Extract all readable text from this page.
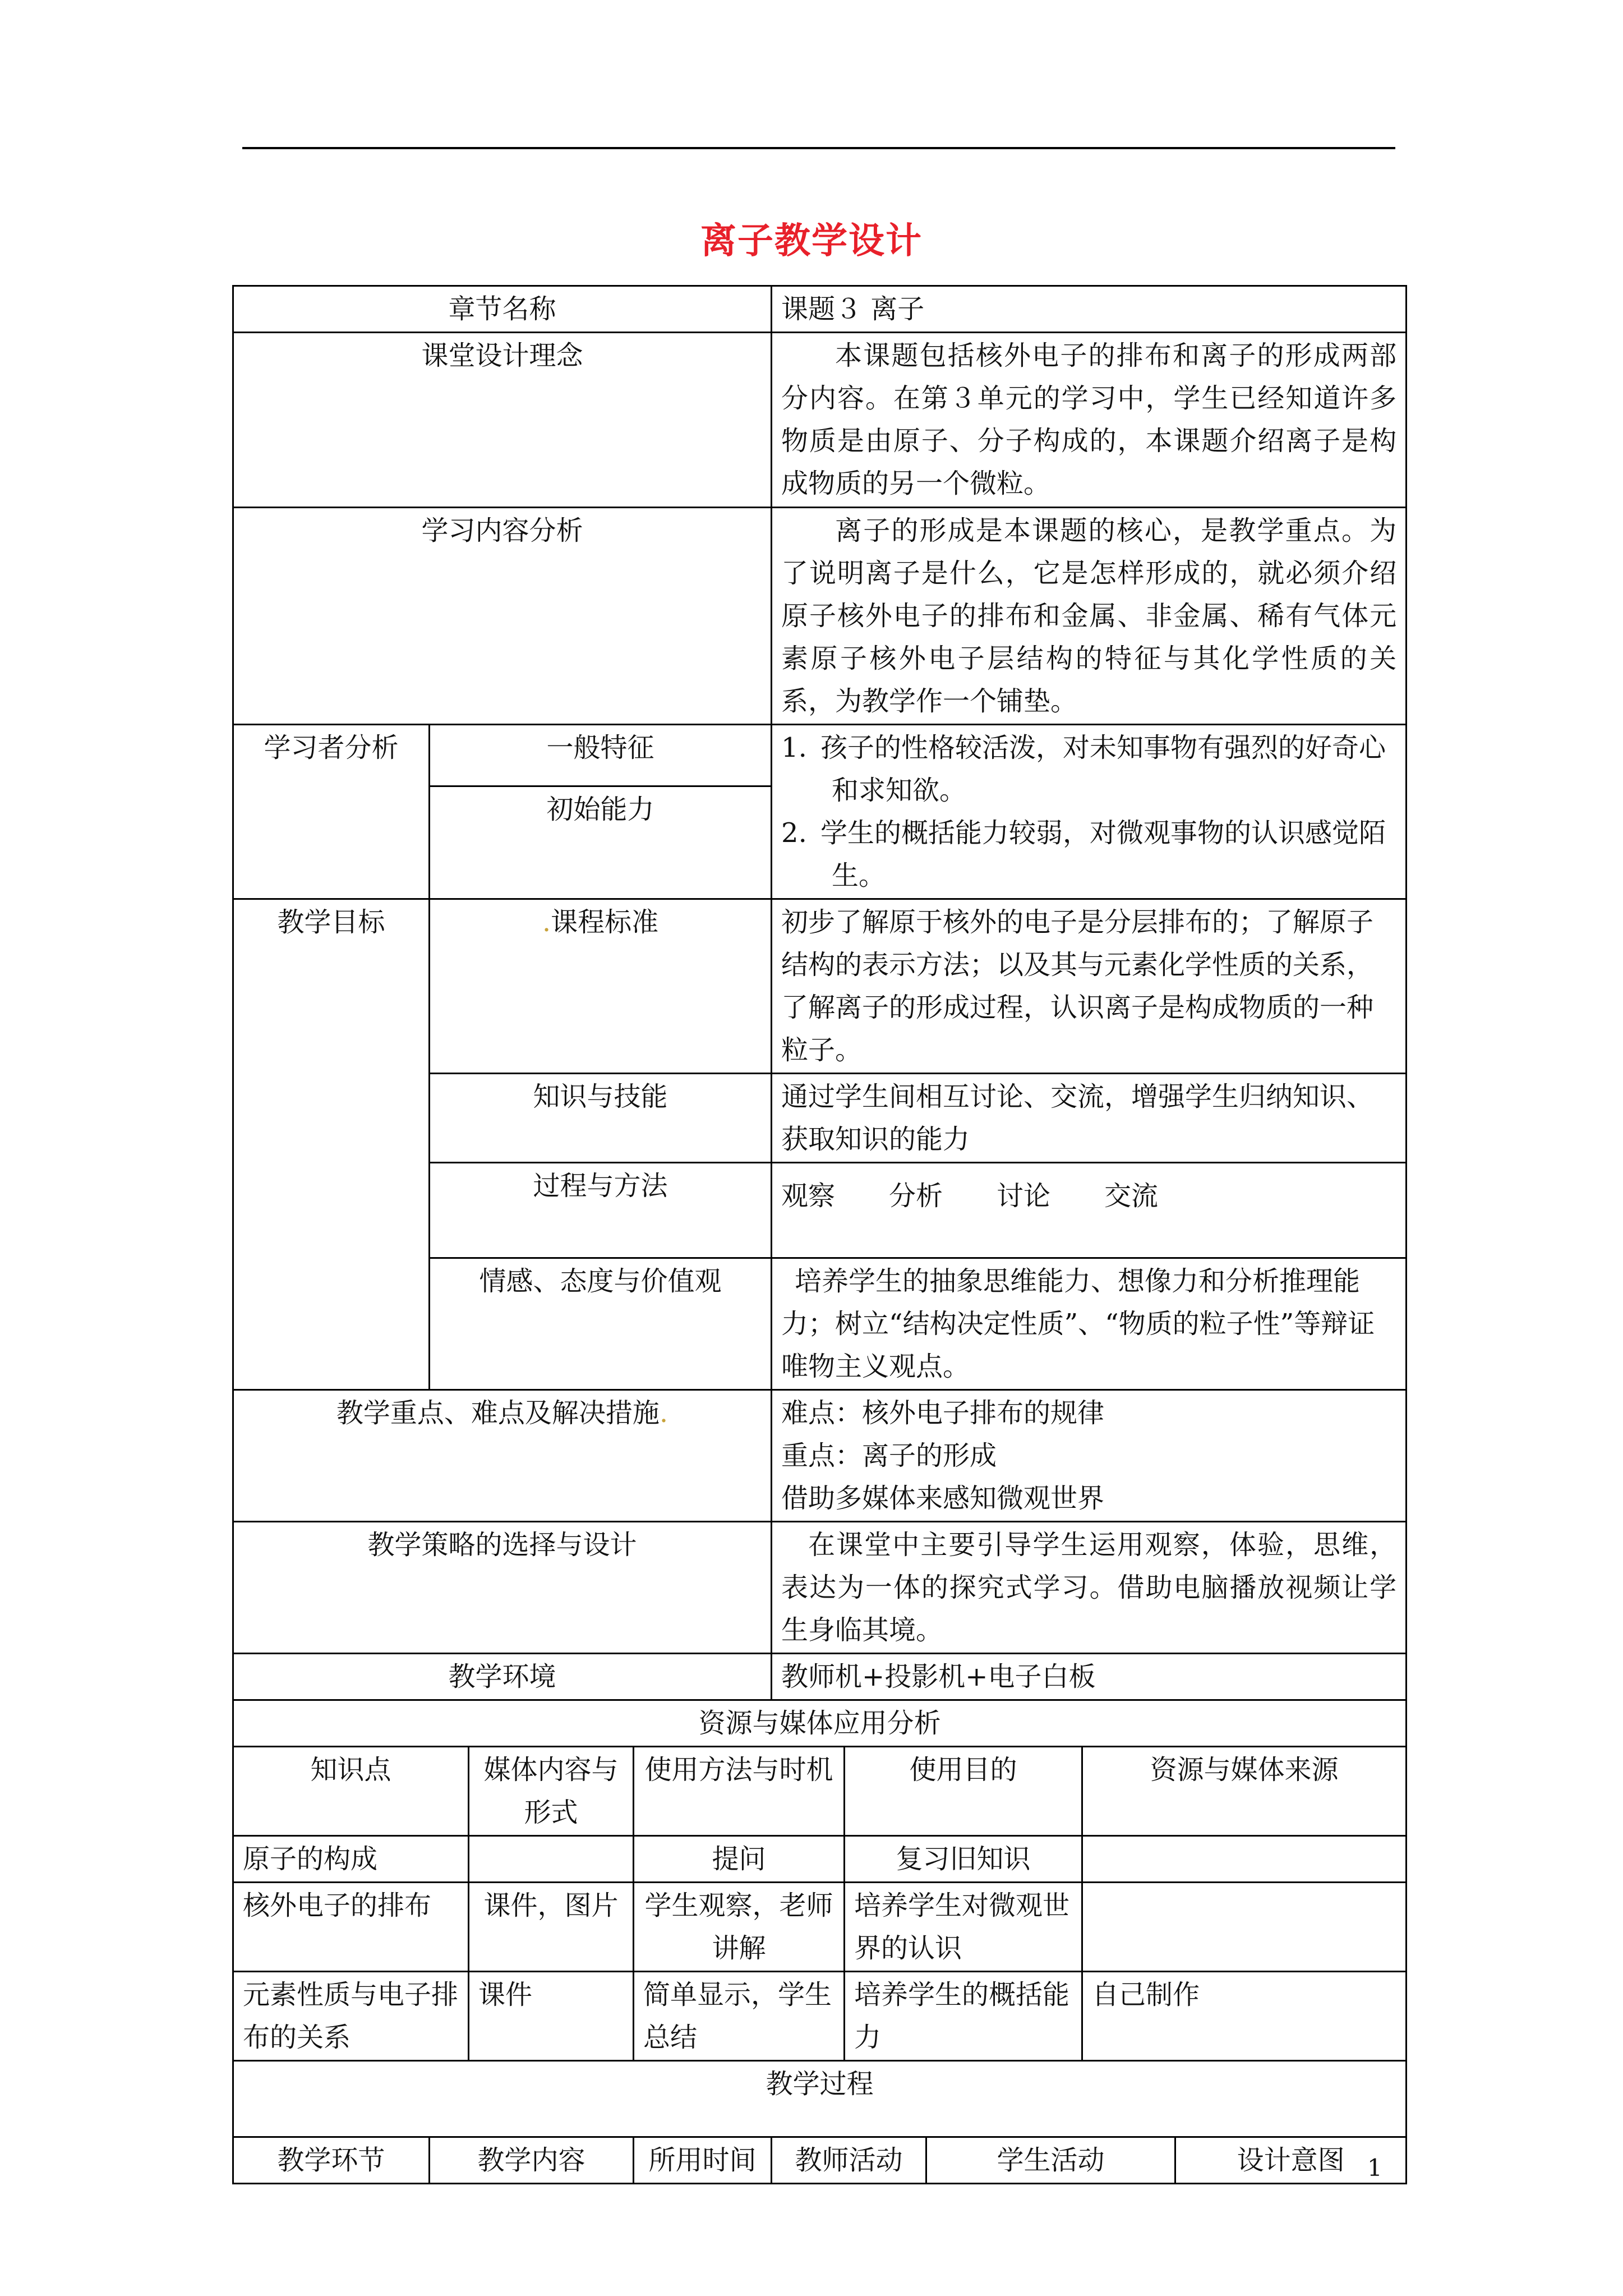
离子教学设计
章节名称				课题３ 离子				
课堂设计理念				本课题包括核外电子的排布和离子的形成两部分内容。在第３单元的学习中，学生已经知道许多物质是由原子、分子构成的，本课题介绍离子是构成物质的另一个微粒。				
学习内容分析				离子的形成是本课题的核心，是教学重点。为了说明离子是什么，它是怎样形成的，就必须介绍原子核外电子的排布和金属、非金属、稀有气体元素原子核外电子层结构的特征与其化学性质的关系，为教学作一个铺垫。				
学习者分析	一般特征			1. 孩子的性格较活泼，对未知事物有强烈的好奇心和求知欲。
2. 学生的概括能力较弱，对微观事物的认识感觉陌生。				

	初始能力							
教学目标	.课程标准			初步了解原于核外的电子是分层排布的；了解原子结构的表示方法；以及其与元素化学性质的关系，了解离子的形成过程，认识离子是构成物质的一种粒子。				
	知识与技能			通过学生间相互讨论、交流，增强学生归纳知识、获取知识的能力				
	过程与方法			观察　　分析　　讨论　　交流				
	情感、态度与价值观			培养学生的抽象思维能力、想像力和分析推理能力；树立“结构决定性质”、“物质的粒子性”等辩证唯物主义观点。				
教学重点、难点及解决措施.				难点：核外电子排布的规律
重点：离子的形成
借助多媒体来感知微观世界				

教学策略的选择与设计				在课堂中主要引导学生运用观察，体验，思维，表达为一体的探究式学习。借助电脑播放视频让学生身临其境。				
教学环境				教师机+投影机+电子白板				
资源与媒体应用分析								
知识点		媒体内容与形式	使用方法与时机		使用目的		资源与媒体来源	
原子的构成			提问		复习旧知识			
核外电子的排布		课件，图片	学生观察，老师讲解		培养学生对微观世界的认识			
元素性质与电子排布的关系		课件	简单显示，学生总结		培养学生的概括能力		自己制作	
教学过程								
教学环节	教学内容		所用时间	教师活动		学生活动		设计意图 1
